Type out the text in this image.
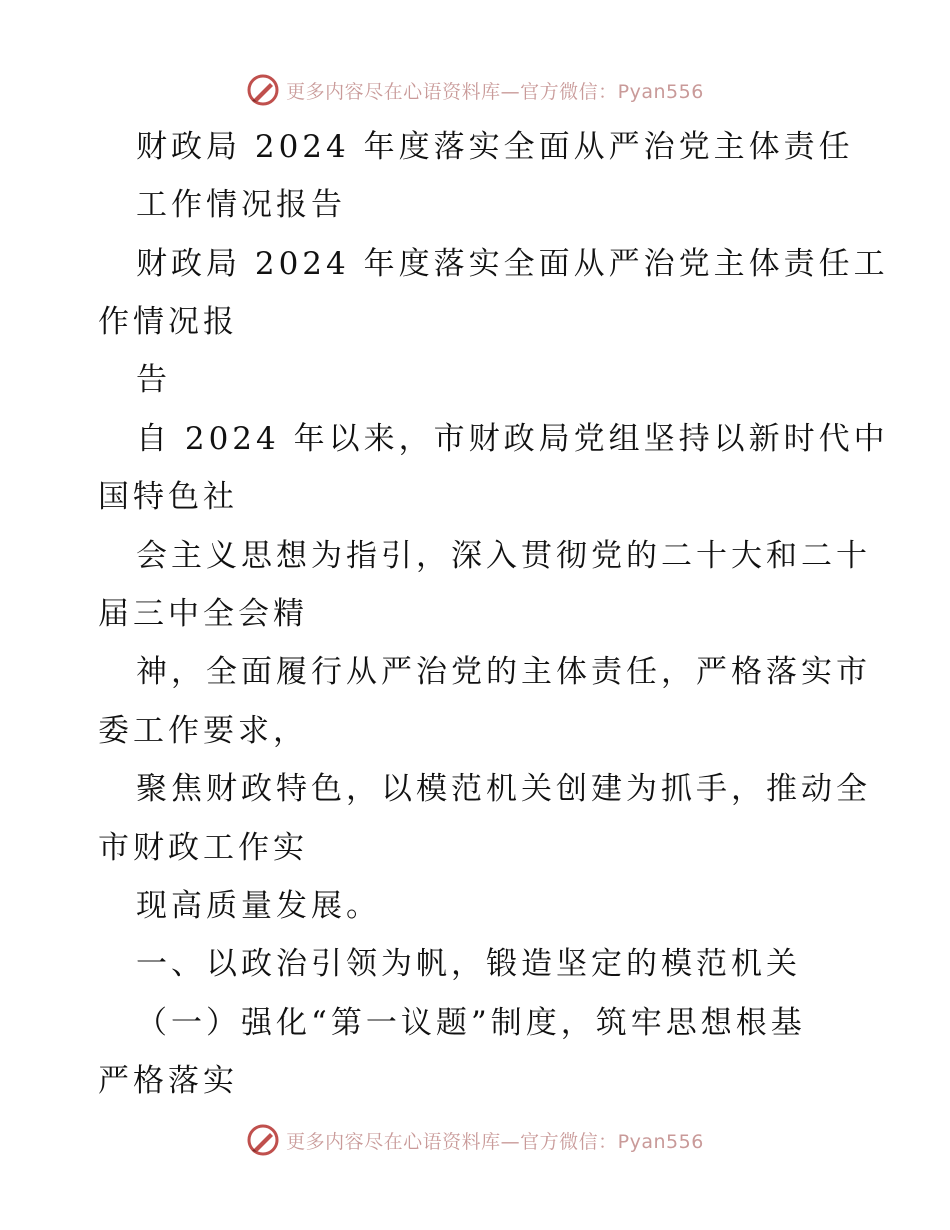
更多内容尽在心语资料库—官方微信：Pyan556
财政局 2024 年度落实全面从严治党主体责任
工作情况报告
财政局 2024 年度落实全面从严治党主体责任工
作情况报
告
自 2024 年以来，市财政局党组坚持以新时代中
国特色社
会主义思想为指引，深入贯彻党的二十大和二十
届三中全会精
神，全面履行从严治党的主体责任，严格落实市
委工作要求，
聚焦财政特色，以模范机关创建为抓手，推动全
市财政工作实
现高质量发展。
一、以政治引领为帆，锻造坚定的模范机关
（一）强化“第一议题”制度，筑牢思想根基
严格落实
更多内容尽在心语资料库—官方微信：Pyan556
